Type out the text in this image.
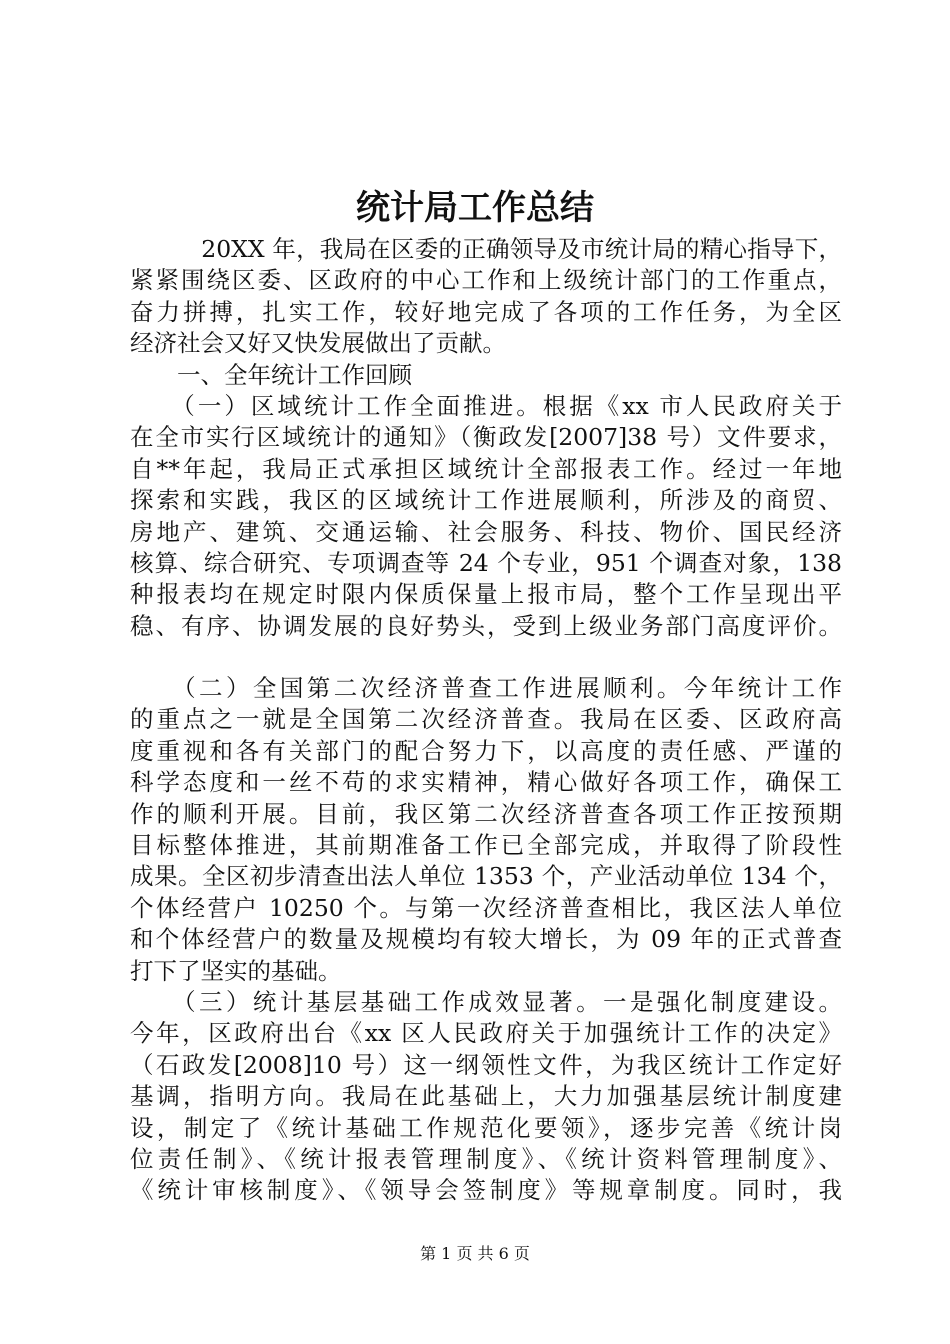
统计局工作总结
　　　20XX 年，我局在区委的正确领导及市统计局的精心指导下，
紧紧围绕区委、区政府的中心工作和上级统计部门的工作重点，
奋力拼搏，扎实工作，较好地完成了各项的工作任务，为全区
经济社会又好又快发展做出了贡献。
　　一、全年统计工作回顾
　　（一）区域统计工作全面推进。根据《xx 市人民政府关于
在全市实行区域统计的通知》（衡政发[2007]38 号）文件要求，
自**年起，我局正式承担区域统计全部报表工作。经过一年地
探索和实践，我区的区域统计工作进展顺利，所涉及的商贸、
房地产、建筑、交通运输、社会服务、科技、物价、国民经济
核算、综合研究、专项调查等 24 个专业，951 个调查对象，138
种报表均在规定时限内保质保量上报市局，整个工作呈现出平
稳、有序、协调发展的良好势头，受到上级业务部门高度评价。
　　（二）全国第二次经济普查工作进展顺利。今年统计工作
的重点之一就是全国第二次经济普查。我局在区委、区政府高
度重视和各有关部门的配合努力下，以高度的责任感、严谨的
科学态度和一丝不苟的求实精神，精心做好各项工作，确保工
作的顺利开展。目前，我区第二次经济普查各项工作正按预期
目标整体推进，其前期准备工作已全部完成，并取得了阶段性
成果。全区初步清查出法人单位 1353 个，产业活动单位 134 个，
个体经营户 10250 个。与第一次经济普查相比，我区法人单位
和个体经营户的数量及规模均有较大增长，为 09 年的正式普查
打下了坚实的基础。
　　（三）统计基层基础工作成效显著。一是强化制度建设。
今年，区政府出台《xx 区人民政府关于加强统计工作的决定》
（石政发[2008]10 号）这一纲领性文件，为我区统计工作定好
基调，指明方向。我局在此基础上，大力加强基层统计制度建
设，制定了《统计基础工作规范化要领》，逐步完善《统计岗
位责任制》、《统计报表管理制度》、《统计资料管理制度》、
《统计审核制度》、《领导会签制度》等规章制度。同时，我
第 1 页 共 6 页
